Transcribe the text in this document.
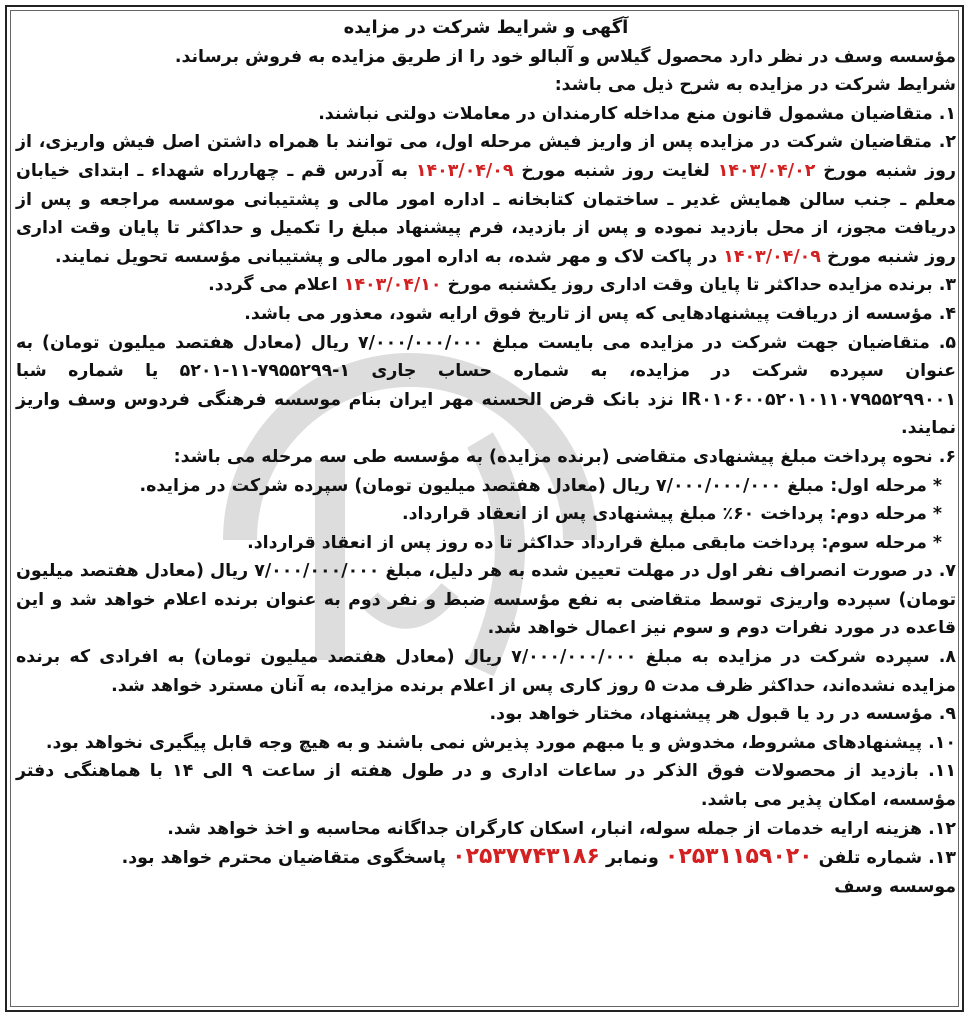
آگهی و شرایط شرکت در مزایده

مؤسسه وسف در نظر دارد محصول گیلاس و آلبالو خود را از طریق مزایده به فروش برساند.

شرایط شرکت در مزایده به شرح ذیل می باشد:

۱. متقاضیان مشمول قانون منع مداخله کارمندان در معاملات دولتی نباشند.

۲. متقاضیان شرکت در مزایده پس از واریز فیش مرحله اول، می توانند با همراه داشتن اصل فیش واریزی، از روز شنبه مورخ ۱۴۰۳/۰۴/۰۲ لغایت روز شنبه مورخ ۱۴۰۳/۰۴/۰۹ به آدرس قم ـ چهارراه شهداء ـ ابتدای خیابان معلم ـ جنب سالن همایش غدیر ـ ساختمان کتابخانه ـ اداره امور مالی و پشتیبانی موسسه مراجعه و پس از دریافت مجوز، از محل بازدید نموده و پس از بازدید، فرم پیشنهاد مبلغ را تکمیل و حداکثر تا پایان وقت اداری روز شنبه مورخ ۱۴۰۳/۰۴/۰۹ در پاکت لاک و مهر شده، به اداره امور مالی و پشتیبانی مؤسسه تحویل نمایند.

۳. برنده مزایده حداکثر تا پایان وقت اداری روز یکشنبه مورخ ۱۴۰۳/۰۴/۱۰ اعلام می گردد.

۴. مؤسسه از دریافت پیشنهادهایی که پس از تاریخ فوق ارایه شود، معذور می باشد.

۵. متقاضیان جهت شرکت در مزایده می بایست مبلغ ۷/۰۰۰/۰۰۰/۰۰۰ ریال (معادل هفتصد میلیون تومان) به عنوان سپرده شرکت در مزایده، به شماره حساب جاری ۱-۷۹۵۵۲۹۹-۱۱-۵۲۰۱ یا شماره شبا IR۰۱۰۶۰۰۵۲۰۱۰۱۱۰۷۹۵۵۲۹۹۰۰۱ نزد بانک قرض الحسنه مهر ایران بنام موسسه فرهنگی فردوس وسف واریز نمایند.

۶. نحوه پرداخت مبلغ پیشنهادی متقاضی (برنده مزایده) به مؤسسه طی سه مرحله می باشد:

* مرحله اول: مبلغ ۷/۰۰۰/۰۰۰/۰۰۰ ریال (معادل هفتصد میلیون تومان) سپرده شرکت در مزایده.

* مرحله دوم: پرداخت ۶۰٪ مبلغ پیشنهادی پس از انعقاد قرارداد.

* مرحله سوم: پرداخت مابقی مبلغ قرارداد حداکثر تا ده روز پس از انعقاد قرارداد.

۷. در صورت انصراف نفر اول در مهلت تعیین شده به هر دلیل، مبلغ ۷/۰۰۰/۰۰۰/۰۰۰ ریال (معادل هفتصد میلیون تومان) سپرده واریزی توسط متقاضی به نفع مؤسسه ضبط و نفر دوم به عنوان برنده اعلام خواهد شد و این قاعده در مورد نفرات دوم و سوم نیز اعمال خواهد شد.

۸. سپرده شرکت در مزایده به مبلغ ۷/۰۰۰/۰۰۰/۰۰۰ ریال (معادل هفتصد میلیون تومان) به افرادی که برنده مزایده نشده‌اند، حداکثر ظرف مدت ۵ روز کاری پس از اعلام برنده مزایده، به آنان مسترد خواهد شد.

۹. مؤسسه در رد یا قبول هر پیشنهاد، مختار خواهد بود.

۱۰. پیشنهادهای مشروط، مخدوش و یا مبهم مورد پذیرش نمی باشند و به هیچ وجه قابل پیگیری نخواهد بود.

۱۱. بازدید از محصولات فوق الذکر در ساعات اداری و در طول هفته از ساعت ۹ الی ۱۴ با هماهنگی دفتر مؤسسه، امکان پذیر می باشد.

۱۲. هزینه ارایه خدمات از جمله سوله، انبار، اسکان کارگران جداگانه محاسبه و اخذ خواهد شد.

۱۳. شماره تلفن ۰۲۵۳۱۱۵۹۰۲۰ ونمابر ۰۲۵۳۷۷۴۳۱۸۶ پاسخگوی متقاضیان محترم خواهد بود.

موسسه وسف
